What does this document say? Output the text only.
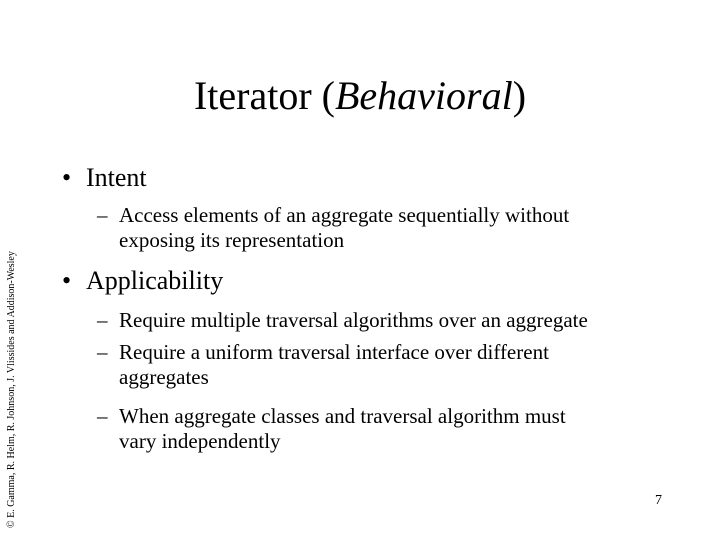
Iterator (Behavioral)
© E. Gamma, R. Helm, R. Johnson, J. Vlissides and Addison-Wesley
• Intent
– Access elements of an aggregate sequentially without
exposing its representation
• Applicability
– Require multiple traversal algorithms over an aggregate
– Require a uniform traversal interface over different
aggregates
– When aggregate classes and traversal algorithm must
vary independently
7
